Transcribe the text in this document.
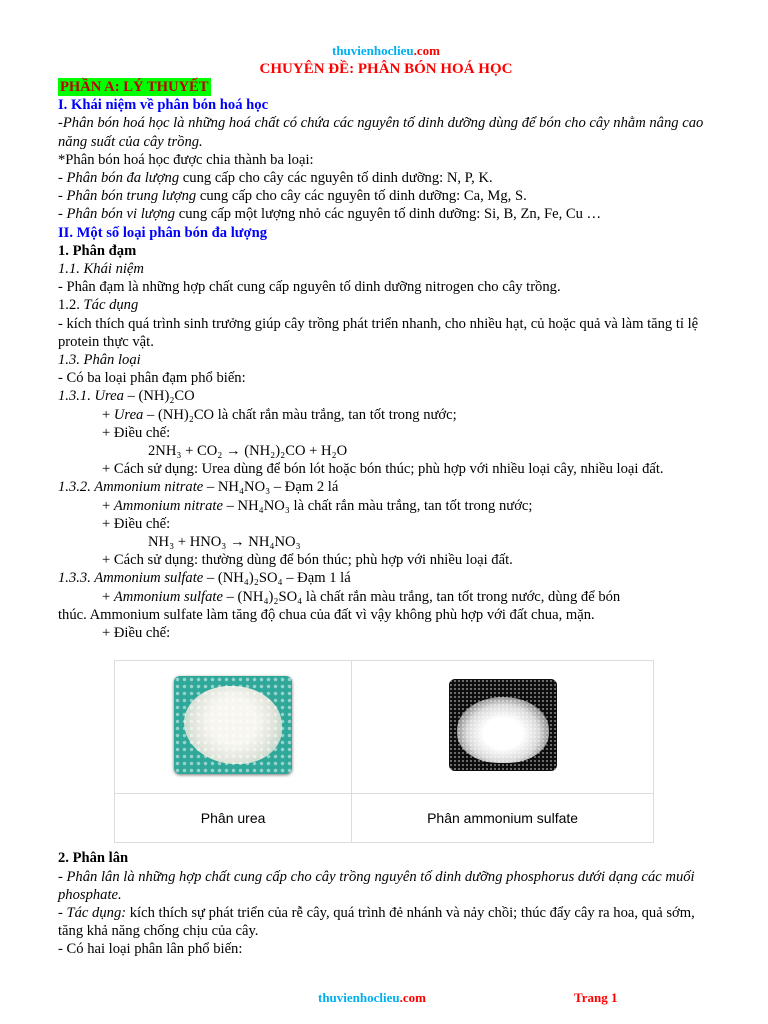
thuvienhoclieu.com
CHUYÊN ĐỀ: PHÂN BÓN HOÁ HỌC
PHẦN A: LÝ THUYẾT
I. Khái niệm về phân bón hoá học
-Phân bón hoá học là những hoá chất có chứa các nguyên tố dinh dưỡng dùng để bón cho cây nhằm nâng cao năng suất của cây trồng.
*Phân bón hoá học được chia thành ba loại:
- Phân bón đa lượng cung cấp cho cây các nguyên tố dinh dưỡng: N, P, K.
- Phân bón trung lượng cung cấp cho cây các nguyên tố dinh dưỡng: Ca, Mg, S.
- Phân bón vi lượng cung cấp một lượng nhỏ các nguyên tố dinh dưỡng: Si, B, Zn, Fe, Cu …
II. Một số loại phân bón đa lượng
1. Phân đạm
1.1. Khái niệm
- Phân đạm là những hợp chất cung cấp nguyên tố dinh dưỡng nitrogen cho cây trồng.
1.2. Tác dụng
- kích thích quá trình sinh trưởng giúp cây trồng phát triển nhanh, cho nhiều hạt, củ hoặc quả và làm tăng tỉ lệ protein thực vật.
1.3. Phân loại
- Có ba loại phân đạm phổ biến:
1.3.1. Urea – (NH)₂CO
+ Urea – (NH)₂CO là chất rắn màu trắng, tan tốt trong nước;
+ Điều chế:
2NH₃ + CO₂ → (NH₂)₂CO + H₂O
+ Cách sử dụng: Urea dùng để bón lót hoặc bón thúc; phù hợp với nhiều loại cây, nhiều loại đất.
1.3.2. Ammonium nitrate – NH₄NO₃ – Đạm 2 lá
+ Ammonium nitrate – NH₄NO₃ là chất rắn màu trắng, tan tốt trong nước;
+ Điều chế:
NH₃ + HNO₃ → NH₄NO₃
+ Cách sử dụng: thường dùng để bón thúc; phù hợp với nhiều loại đất.
1.3.3. Ammonium sulfate – (NH₄)₂SO₄ – Đạm 1 lá
+ Ammonium sulfate – (NH₄)₂SO₄ là chất rắn màu trắng, tan tốt trong nước, dùng để bón
thúc. Ammonium sulfate làm tăng độ chua của đất vì vậy không phù hợp với đất chua, mặn.
+ Điều chế:

Phân urea	Phân ammonium sulfate
2. Phân lân
- Phân lân là những hợp chất cung cấp cho cây trồng nguyên tố dinh dưỡng phosphorus dưới dạng các muối phosphate.
- Tác dụng: kích thích sự phát triển của rễ cây, quá trình đẻ nhánh và nảy chồi; thúc đẩy cây ra hoa, quả sớm, tăng khả năng chống chịu của cây.
- Có hai loại phân lân phổ biến:
thuvienhoclieu.com	Trang 1
